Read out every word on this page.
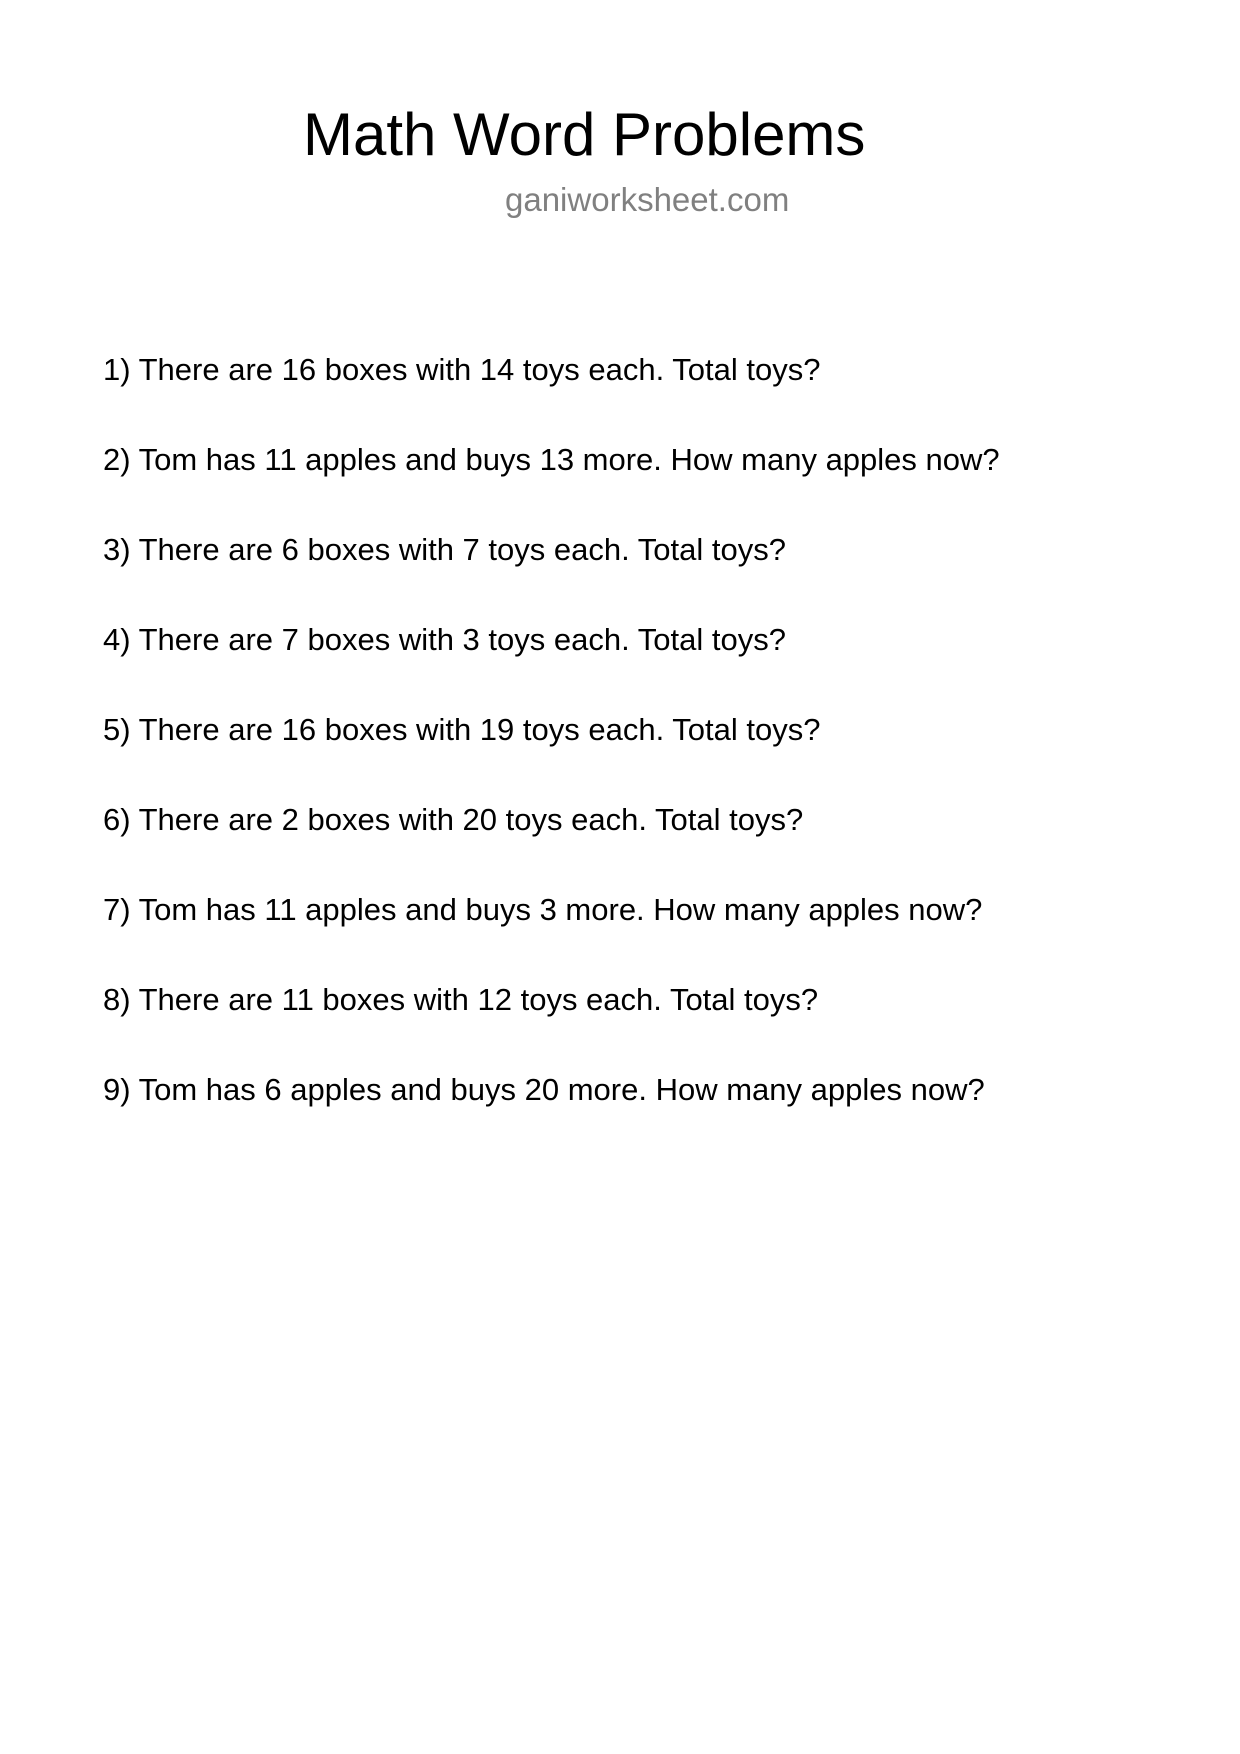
Math Word Problems
ganiworksheet.com
1) There are 16 boxes with 14 toys each. Total toys?
2) Tom has 11 apples and buys 13 more. How many apples now?
3) There are 6 boxes with 7 toys each. Total toys?
4) There are 7 boxes with 3 toys each. Total toys?
5) There are 16 boxes with 19 toys each. Total toys?
6) There are 2 boxes with 20 toys each. Total toys?
7) Tom has 11 apples and buys 3 more. How many apples now?
8) There are 11 boxes with 12 toys each. Total toys?
9) Tom has 6 apples and buys 20 more. How many apples now?
